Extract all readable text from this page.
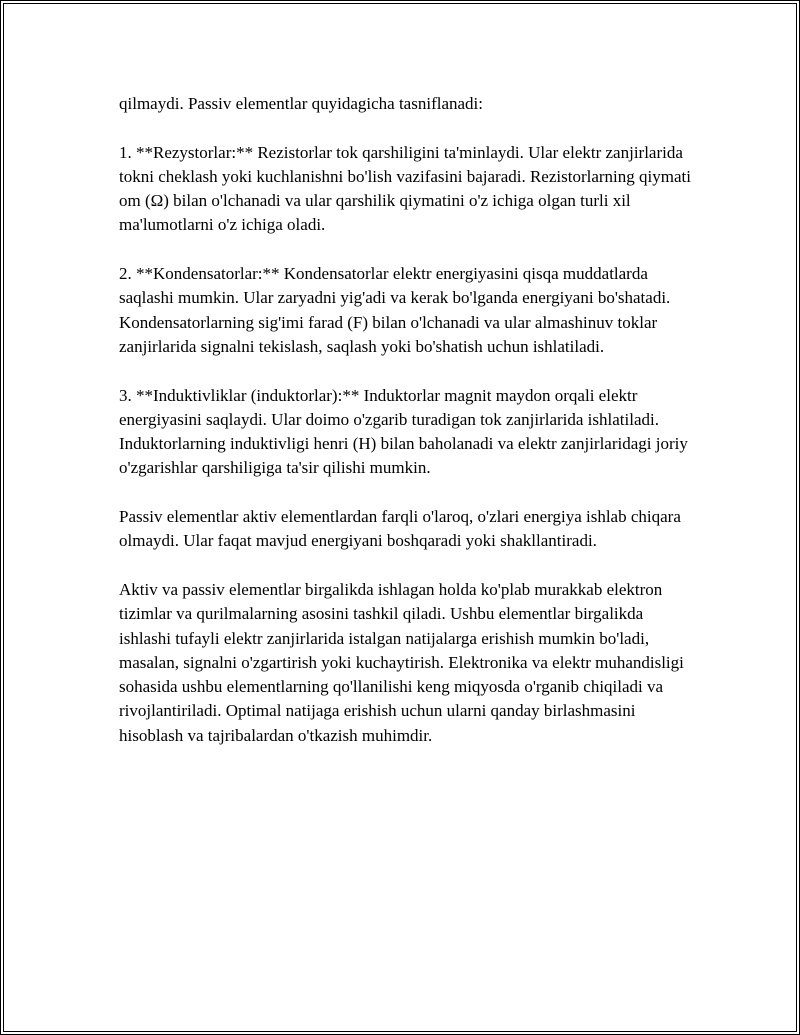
qilmaydi. Passiv elementlar quyidagicha tasniflanadi:

1. **Rezystorlar:** Rezistorlar tok qarshiligini ta'minlaydi. Ular elektr zanjirlarida tokni cheklash yoki kuchlanishni bo'lish vazifasini bajaradi. Rezistorlarning qiymati om (Ω) bilan o'lchanadi va ular qarshilik qiymatini o'z ichiga olgan turli xil ma'lumotlarni o'z ichiga oladi.

2. **Kondensatorlar:** Kondensatorlar elektr energiyasini qisqa muddatlarda saqlashi mumkin. Ular zaryadni yig'adi va kerak bo'lganda energiyani bo'shatadi. Kondensatorlarning sig'imi farad (F) bilan o'lchanadi va ular almashinuv toklar zanjirlarida signalni tekislash, saqlash yoki bo'shatish uchun ishlatiladi.

3. **Induktivliklar (induktorlar):** Induktorlar magnit maydon orqali elektr energiyasini saqlaydi. Ular doimo o'zgarib turadigan tok zanjirlarida ishlatiladi. Induktorlarning induktivligi henri (H) bilan baholanadi va elektr zanjirlaridagi joriy o'zgarishlar qarshiligiga ta'sir qilishi mumkin.

Passiv elementlar aktiv elementlardan farqli o'laroq, o'zlari energiya ishlab chiqara olmaydi. Ular faqat mavjud energiyani boshqaradi yoki shakllantiradi.

Aktiv va passiv elementlar birgalikda ishlagan holda ko'plab murakkab elektron tizimlar va qurilmalarning asosini tashkil qiladi. Ushbu elementlar birgalikda ishlashi tufayli elektr zanjirlarida istalgan natijalarga erishish mumkin bo'ladi, masalan, signalni o'zgartirish yoki kuchaytirish. Elektronika va elektr muhandisligi sohasida ushbu elementlarning qo'llanilishi keng miqyosda o'rganib chiqiladi va rivojlantiriladi. Optimal natijaga erishish uchun ularni qanday birlashmasini hisoblash va tajribalardan o'tkazish muhimdir.
